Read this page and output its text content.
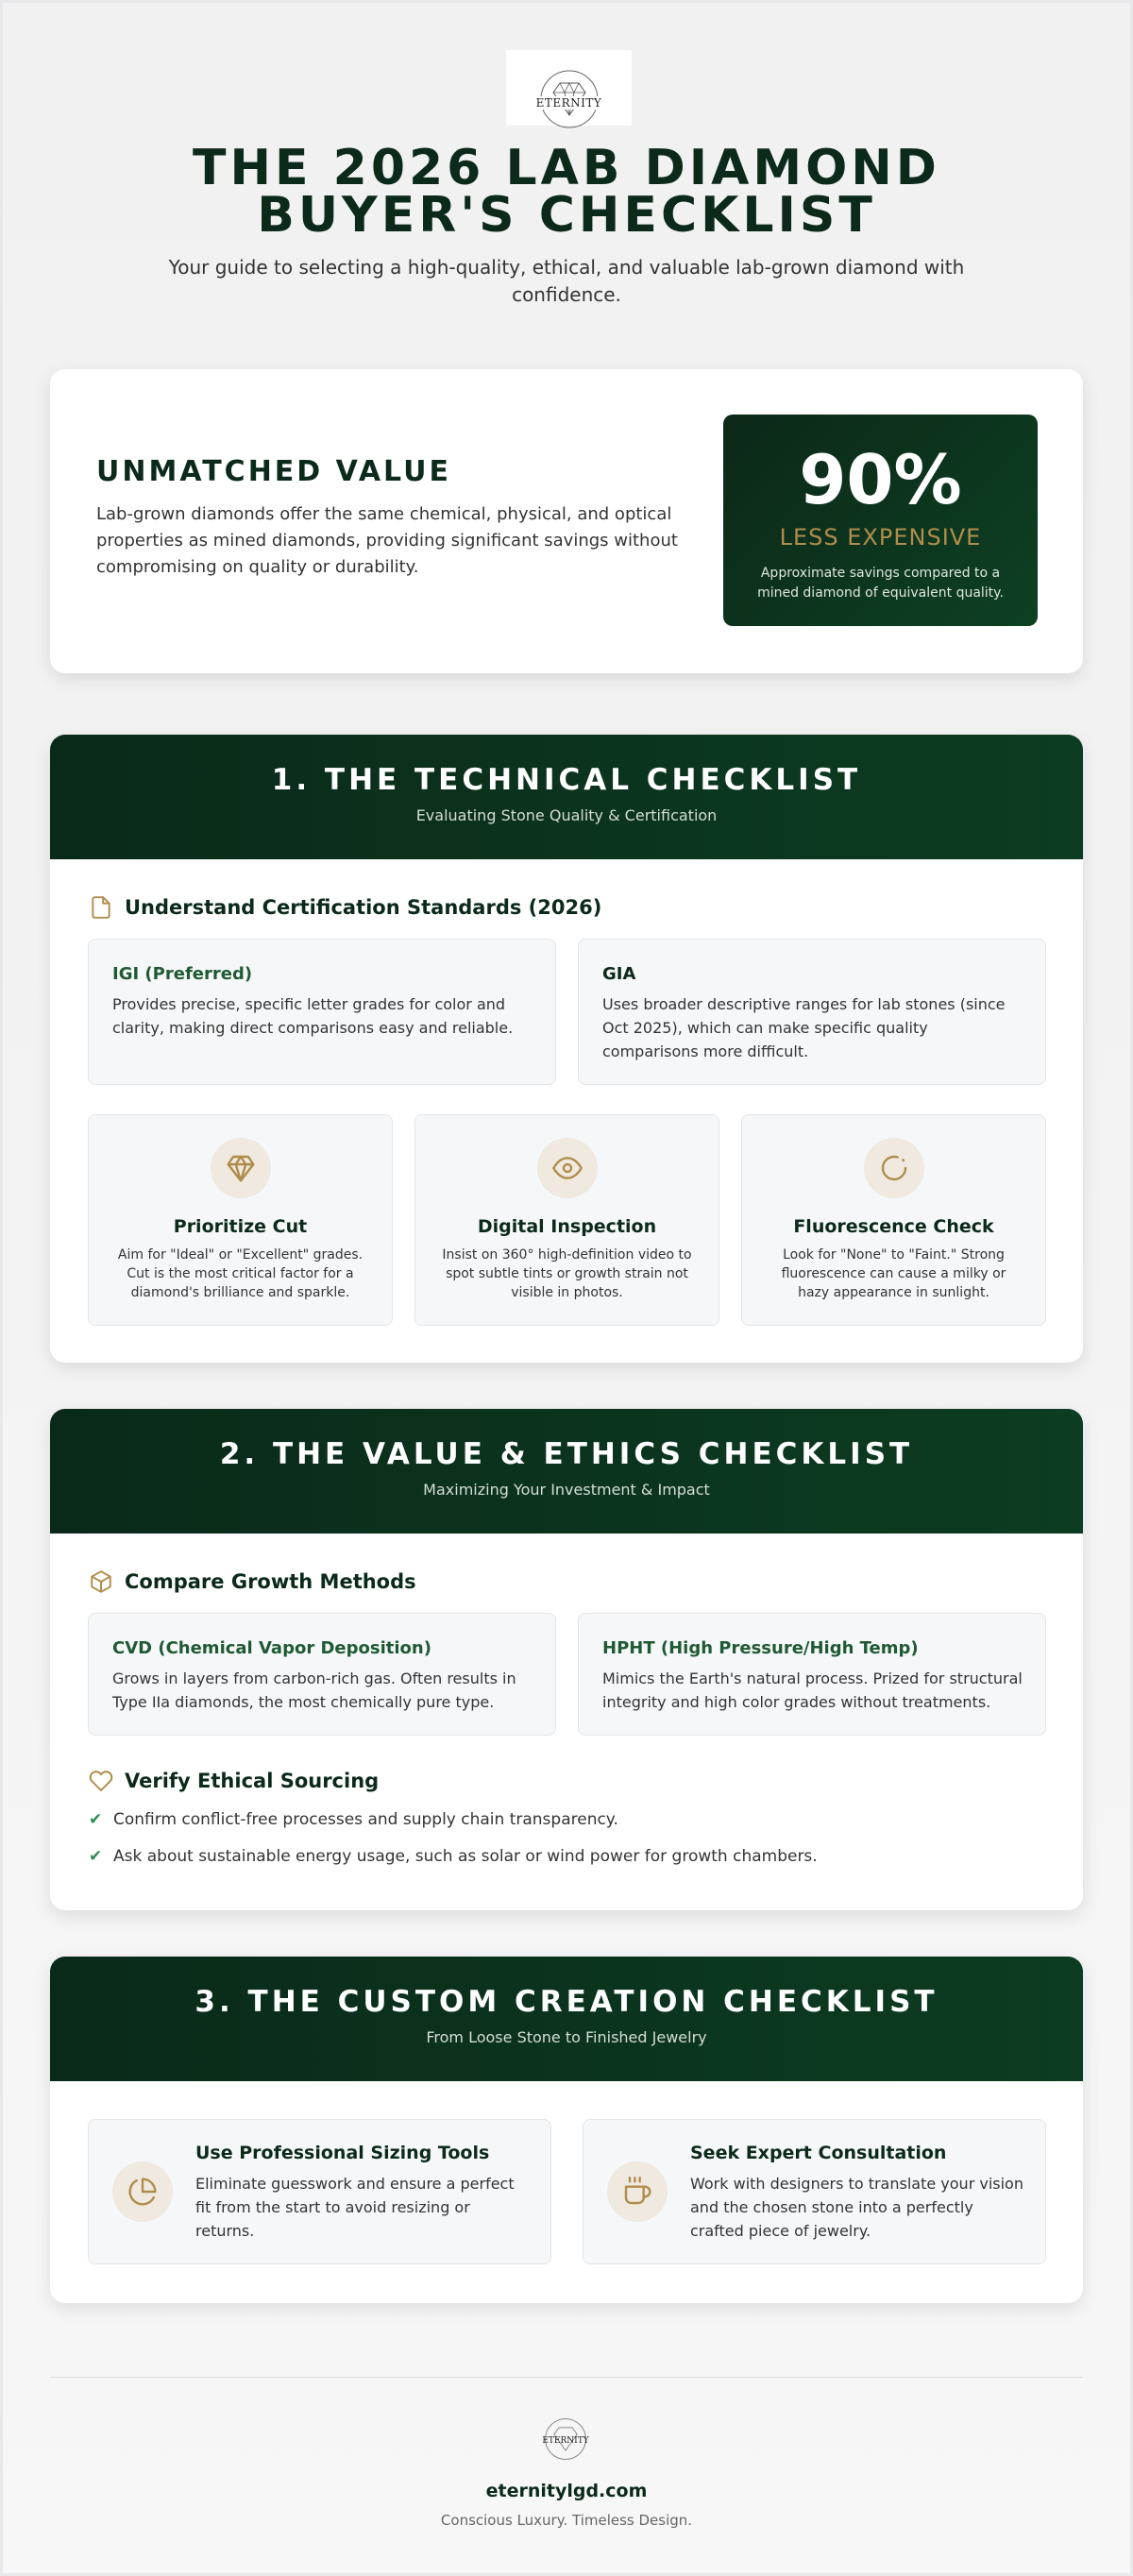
ETERNITY
THE 2026 LAB DIAMOND BUYER'S CHECKLIST
Your guide to selecting a high-quality, ethical, and valuable lab-grown diamond with confidence.
UNMATCHED VALUE
Lab-grown diamonds offer the same chemical, physical, and optical properties as mined diamonds, providing significant savings without compromising on quality or durability.
90%
LESS EXPENSIVE
Approximate savings compared to a mined diamond of equivalent quality.
1. THE TECHNICAL CHECKLIST
Evaluating Stone Quality & Certification
Understand Certification Standards (2026)
IGI (Preferred)

Provides precise, specific letter grades for color and clarity, making direct comparisons easy and reliable.

GIA

Uses broader descriptive ranges for lab stones (since Oct 2025), which can make specific quality comparisons more difficult.

Prioritize Cut

Aim for "Ideal" or "Excellent" grades. Cut is the most critical factor for a diamond's brilliance and sparkle.

Digital Inspection

Insist on 360° high-definition video to spot subtle tints or growth strain not visible in photos.

Fluorescence Check

Look for "None" to "Faint." Strong fluorescence can cause a milky or hazy appearance in sunlight.

2. THE VALUE & ETHICS CHECKLIST
Maximizing Your Investment & Impact
Compare Growth Methods
CVD (Chemical Vapor Deposition)

Grows in layers from carbon-rich gas. Often results in Type IIa diamonds, the most chemically pure type.

HPHT (High Pressure/High Temp)

Mimics the Earth's natural process. Prized for structural integrity and high color grades without treatments.

Verify Ethical Sourcing
✔ Confirm conflict-free processes and supply chain transparency.
✔ Ask about sustainable energy usage, such as solar or wind power for growth chambers.
3. THE CUSTOM CREATION CHECKLIST
From Loose Stone to Finished Jewelry
Use Professional Sizing Tools

Eliminate guesswork and ensure a perfect fit from the start to avoid resizing or returns.

Seek Expert Consultation

Work with designers to translate your vision and the chosen stone into a perfectly crafted piece of jewelry.

ETERNITY
eternitylgd.com
Conscious Luxury. Timeless Design.
